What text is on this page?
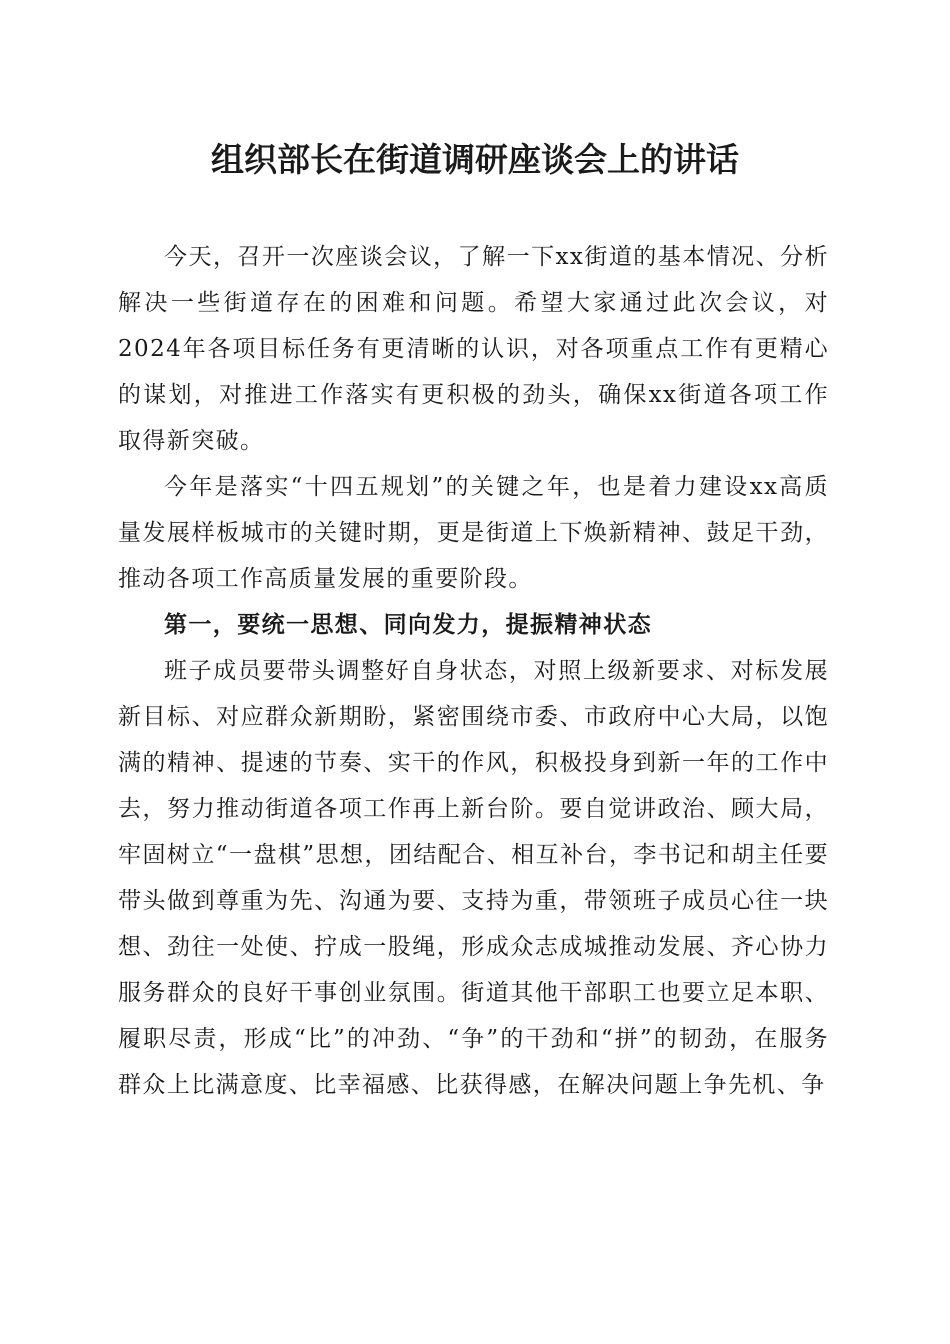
组织部长在街道调研座谈会上的讲话

今天，召开一次座谈会议，了解一下xx街道的基本情况、分析解决一些街道存在的困难和问题。希望大家通过此次会议，对2024年各项目标任务有更清晰的认识，对各项重点工作有更精心的谋划，对推进工作落实有更积极的劲头，确保xx街道各项工作取得新突破。

今年是落实“十四五规划”的关键之年，也是着力建设xx高质量发展样板城市的关键时期，更是街道上下焕新精神、鼓足干劲，推动各项工作高质量发展的重要阶段。

第一，要统一思想、同向发力，提振精神状态

班子成员要带头调整好自身状态，对照上级新要求、对标发展新目标、对应群众新期盼，紧密围绕市委、市政府中心大局，以饱满的精神、提速的节奏、实干的作风，积极投身到新一年的工作中去，努力推动街道各项工作再上新台阶。要自觉讲政治、顾大局，牢固树立“一盘棋”思想，团结配合、相互补台，李书记和胡主任要带头做到尊重为先、沟通为要、支持为重，带领班子成员心往一块想、劲往一处使、拧成一股绳，形成众志成城推动发展、齐心协力服务群众的良好干事创业氛围。街道其他干部职工也要立足本职、履职尽责，形成“比”的冲劲、“争”的干劲和“拼”的韧劲，在服务群众上比满意度、比幸福感、比获得感，在解决问题上争先机、争
